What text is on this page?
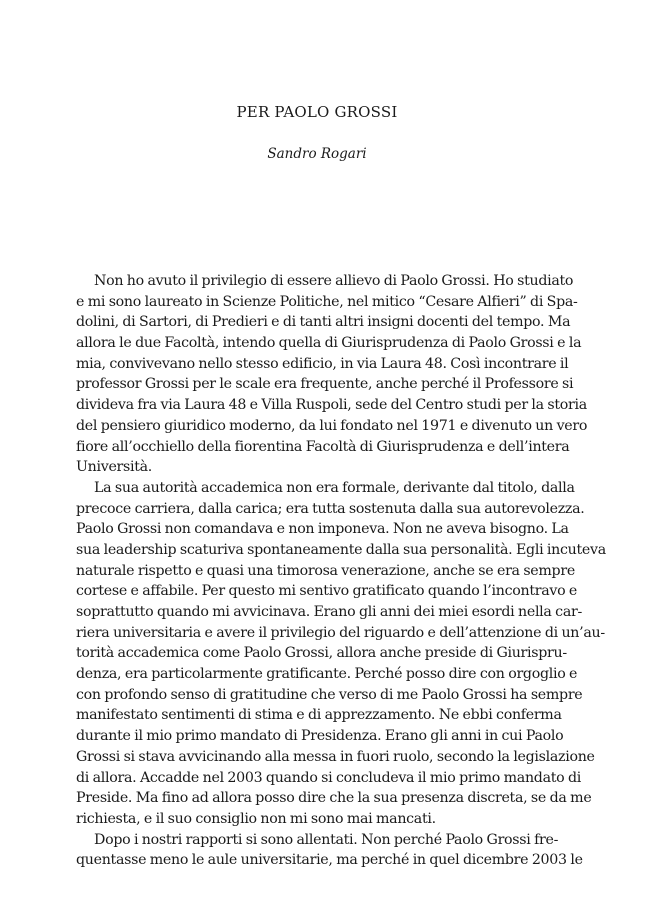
PER PAOLO GROSSI

Sandro Rogari

Non ho avuto il privilegio di essere allievo di Paolo Grossi. Ho studiato
e mi sono laureato in Scienze Politiche, nel mitico “Cesare Alfieri” di Spa-
dolini, di Sartori, di Predieri e di tanti altri insigni docenti del tempo. Ma
allora le due Facoltà, intendo quella di Giurisprudenza di Paolo Grossi e la
mia, convivevano nello stesso edificio, in via Laura 48. Così incontrare il
professor Grossi per le scale era frequente, anche perché il Professore si
divideva fra via Laura 48 e Villa Ruspoli, sede del Centro studi per la storia
del pensiero giuridico moderno, da lui fondato nel 1971 e divenuto un vero
fiore all’occhiello della fiorentina Facoltà di Giurisprudenza e dell’intera
Università.
La sua autorità accademica non era formale, derivante dal titolo, dalla
precoce carriera, dalla carica; era tutta sostenuta dalla sua autorevolezza.
Paolo Grossi non comandava e non imponeva. Non ne aveva bisogno. La
sua leadership scaturiva spontaneamente dalla sua personalità. Egli incuteva
naturale rispetto e quasi una timorosa venerazione, anche se era sempre
cortese e affabile. Per questo mi sentivo gratificato quando l’incontravo e
soprattutto quando mi avvicinava. Erano gli anni dei miei esordi nella car-
riera universitaria e avere il privilegio del riguardo e dell’attenzione di un’au-
torità accademica come Paolo Grossi, allora anche preside di Giurispru-
denza, era particolarmente gratificante. Perché posso dire con orgoglio e
con profondo senso di gratitudine che verso di me Paolo Grossi ha sempre
manifestato sentimenti di stima e di apprezzamento. Ne ebbi conferma
durante il mio primo mandato di Presidenza. Erano gli anni in cui Paolo
Grossi si stava avvicinando alla messa in fuori ruolo, secondo la legislazione
di allora. Accadde nel 2003 quando si concludeva il mio primo mandato di
Preside. Ma fino ad allora posso dire che la sua presenza discreta, se da me
richiesta, e il suo consiglio non mi sono mai mancati.
Dopo i nostri rapporti si sono allentati. Non perché Paolo Grossi fre-
quentasse meno le aule universitarie, ma perché in quel dicembre 2003 le
